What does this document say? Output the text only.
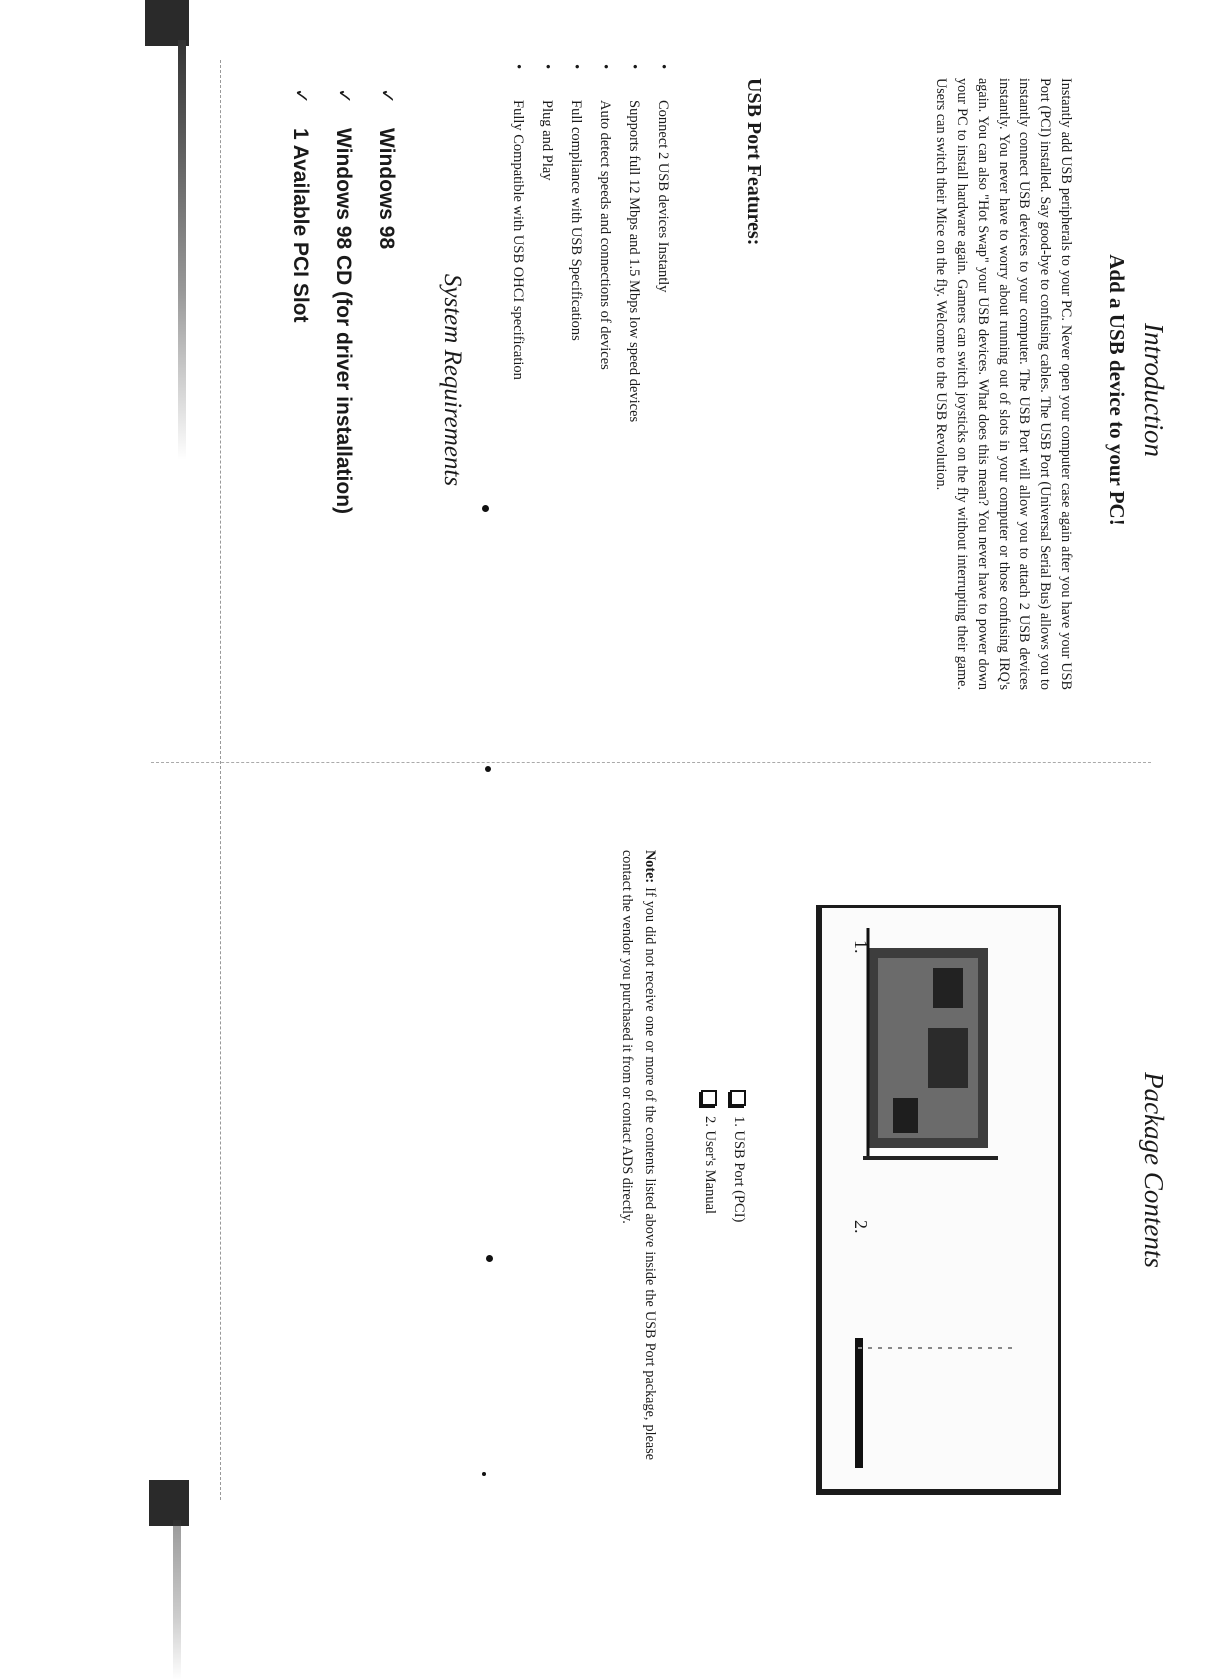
Introduction
Add a USB device to your PC!
Instantly add USB peripherals to your PC. Never open your computer case again after you have your USB Port (PCI) installed. Say good-bye to confusing cables. The USB Port (Universal Serial Bus) allows you to instantly connect USB devices to your computer. The USB Port will allow you to attach 2 USB devices instantly. You never have to worry about running out of slots in your computer or those confusing IRQ's again. You can also "Hot Swap" your USB devices. What does this mean? You never have to power down your PC to install hardware again. Gamers can switch joysticks on the fly without interrupting their game. Users can switch their Mice on the fly. Welcome to the USB Revolution.
USB Port Features:
• Connect 2 USB devices Instantly
• Supports full 12 Mbps and 1.5 Mbps low speed devices
• Auto detect speeds and connections of devices
• Full compliance with USB Specifications
• Plug and Play
• Fully Compatible with USB OHCI specification
System Requirements
✓
Windows 98
✓
Windows 98 CD (for driver installation)
✓
1 Available PCI Slot
Package Contents
1.
2.
1. USB Port (PCI)
2. User's Manual
Note: If you did not receive one or more of the contents listed above inside the USB Port package, please contact the vendor you purchased it from or contact ADS directly.
